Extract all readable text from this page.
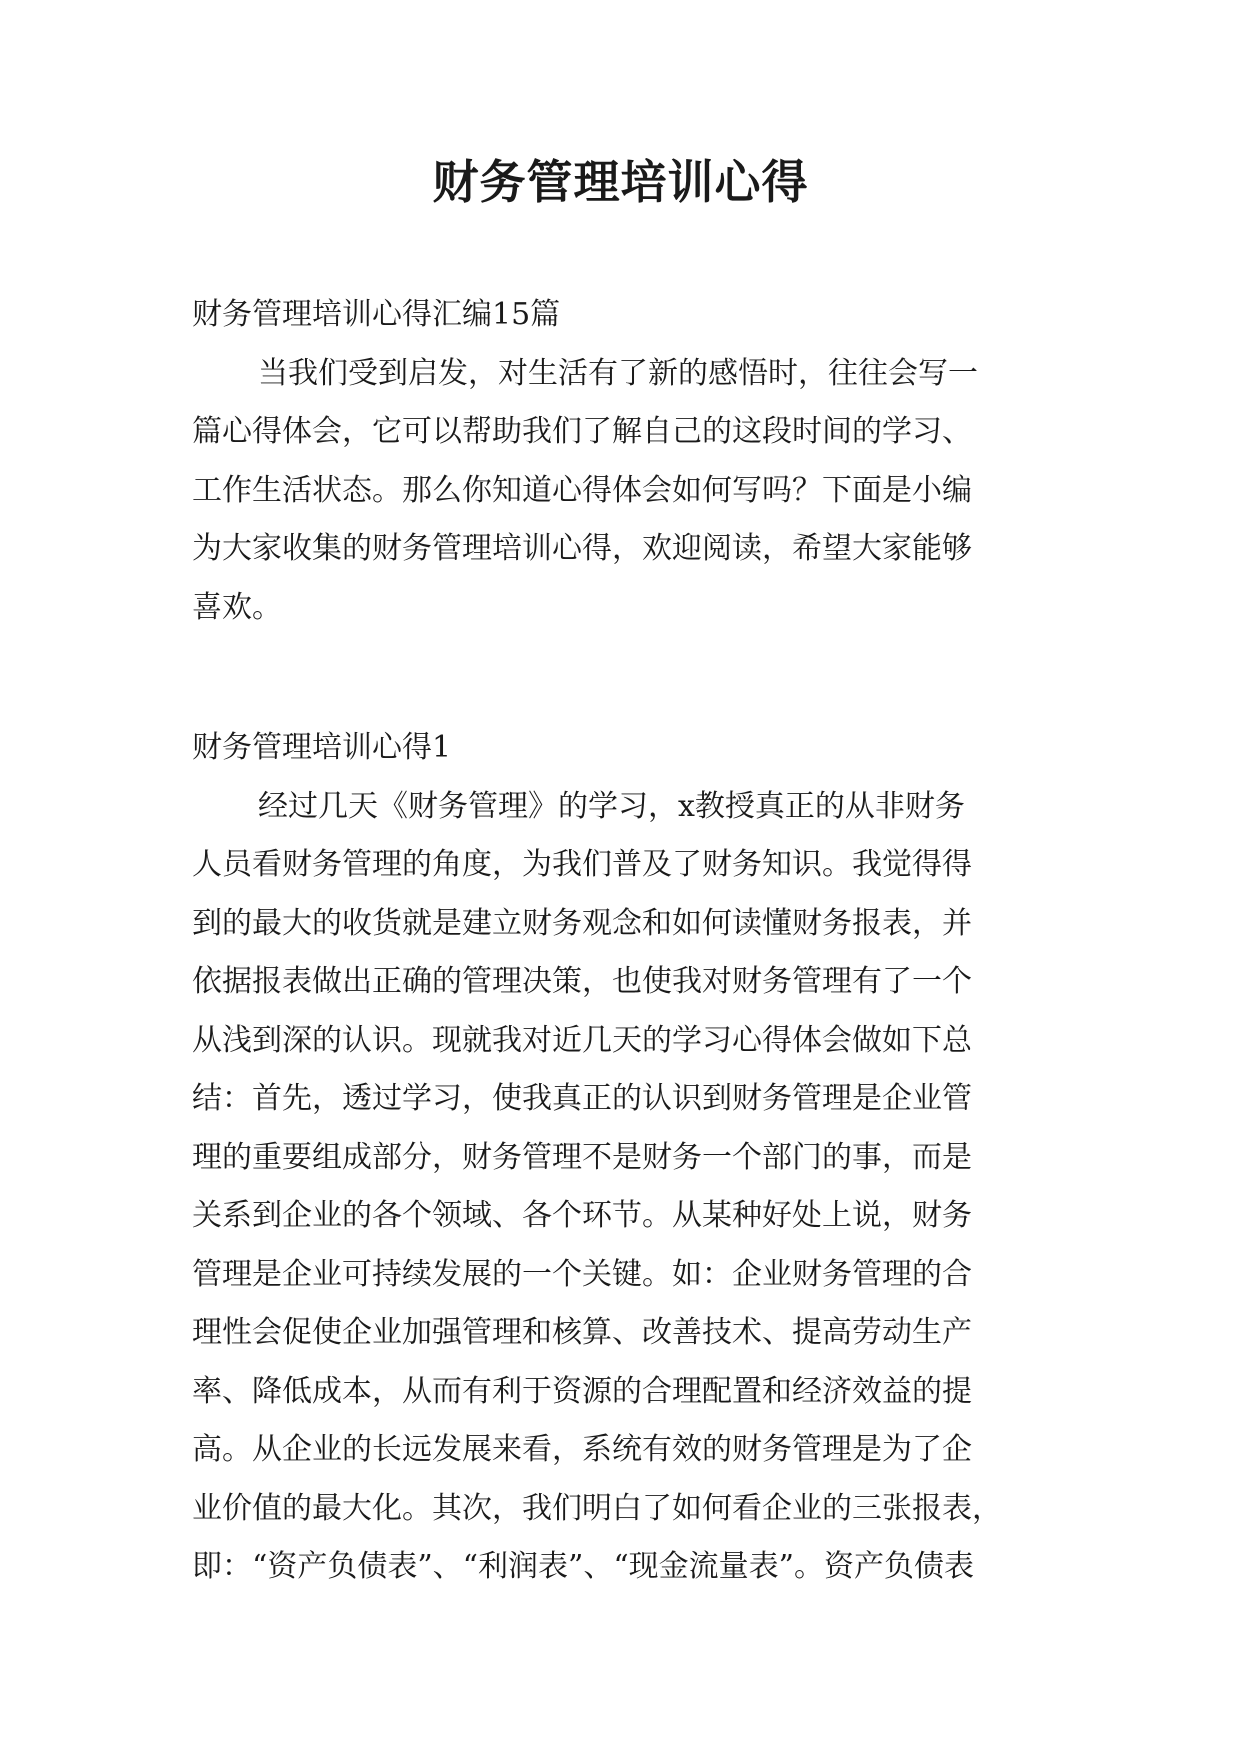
财务管理培训心得

财务管理培训心得汇编15篇

当我们受到启发，对生活有了新的感悟时，往往会写一

篇心得体会，它可以帮助我们了解自己的这段时间的学习、

工作生活状态。那么你知道心得体会如何写吗？下面是小编

为大家收集的财务管理培训心得，欢迎阅读，希望大家能够

喜欢。

财务管理培训心得1

经过几天《财务管理》的学习，x教授真正的从非财务

人员看财务管理的角度，为我们普及了财务知识。我觉得得

到的最大的收货就是建立财务观念和如何读懂财务报表，并

依据报表做出正确的管理决策，也使我对财务管理有了一个

从浅到深的认识。现就我对近几天的学习心得体会做如下总

结：首先，透过学习，使我真正的认识到财务管理是企业管

理的重要组成部分，财务管理不是财务一个部门的事，而是

关系到企业的各个领域、各个环节。从某种好处上说，财务

管理是企业可持续发展的一个关键。如：企业财务管理的合

理性会促使企业加强管理和核算、改善技术、提高劳动生产

率、降低成本，从而有利于资源的合理配置和经济效益的提

高。从企业的长远发展来看，系统有效的财务管理是为了企

业价值的最大化。其次，我们明白了如何看企业的三张报表，

即：“资产负债表”、“利润表”、“现金流量表”。资产负债表
